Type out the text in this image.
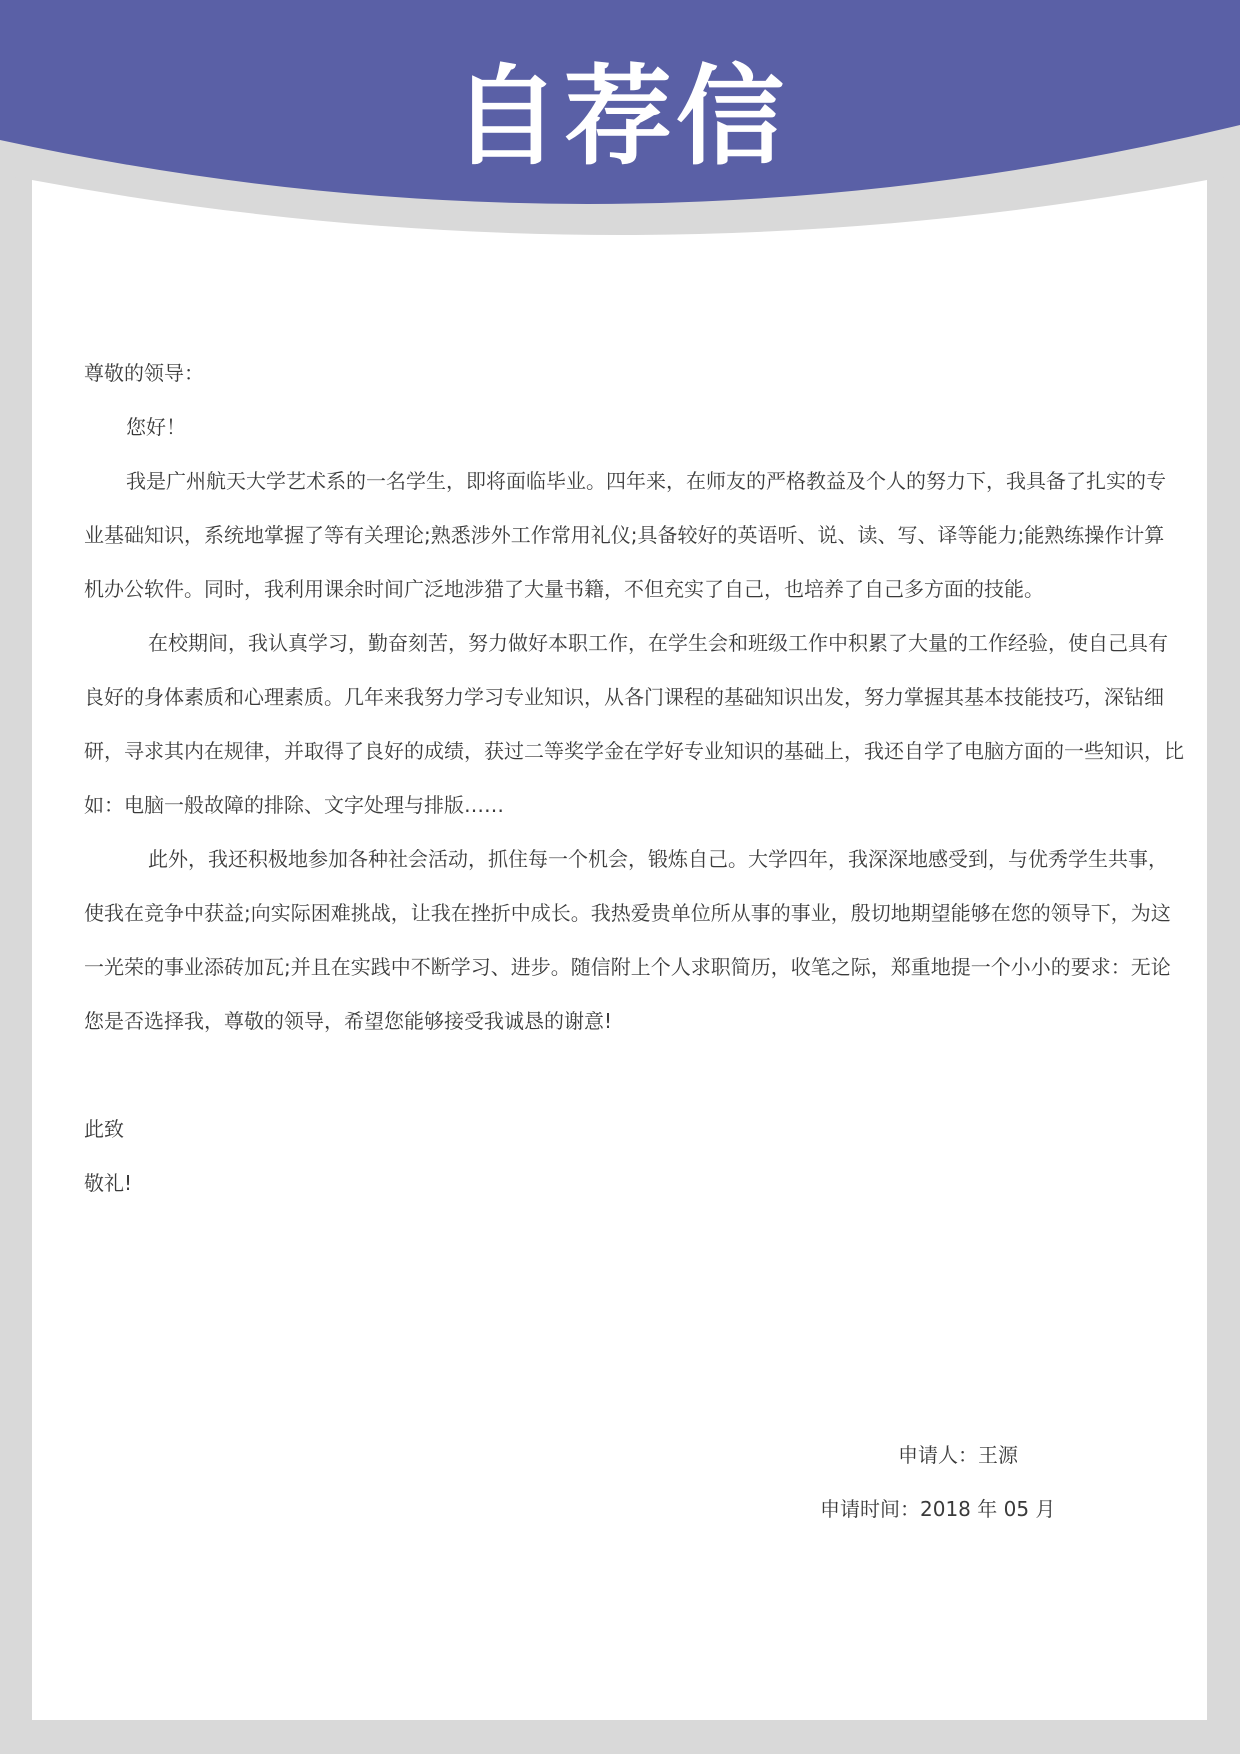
自荐信

尊敬的领导：

您好！

我是广州航天大学艺术系的一名学生，即将面临毕业。四年来，在师友的严格教益及个人的努力下，我具备了扎实的专业基础知识，系统地掌握了等有关理论;熟悉涉外工作常用礼仪;具备较好的英语听、说、读、写、译等能力;能熟练操作计算机办公软件。同时，我利用课余时间广泛地涉猎了大量书籍，不但充实了自己，也培养了自己多方面的技能。

在校期间，我认真学习，勤奋刻苦，努力做好本职工作，在学生会和班级工作中积累了大量的工作经验，使自己具有良好的身体素质和心理素质。几年来我努力学习专业知识，从各门课程的基础知识出发，努力掌握其基本技能技巧，深钻细研，寻求其内在规律，并取得了良好的成绩，获过二等奖学金在学好专业知识的基础上，我还自学了电脑方面的一些知识，比如：电脑一般故障的排除、文字处理与排版……

此外，我还积极地参加各种社会活动，抓住每一个机会，锻炼自己。大学四年，我深深地感受到，与优秀学生共事，使我在竞争中获益;向实际困难挑战，让我在挫折中成长。我热爱贵单位所从事的事业，殷切地期望能够在您的领导下，为这一光荣的事业添砖加瓦;并且在实践中不断学习、进步。随信附上个人求职简历，收笔之际，郑重地提一个小小的要求：无论您是否选择我，尊敬的领导，希望您能够接受我诚恳的谢意!

此致

敬礼!

申请人：王源
申请时间：2018 年 05 月
